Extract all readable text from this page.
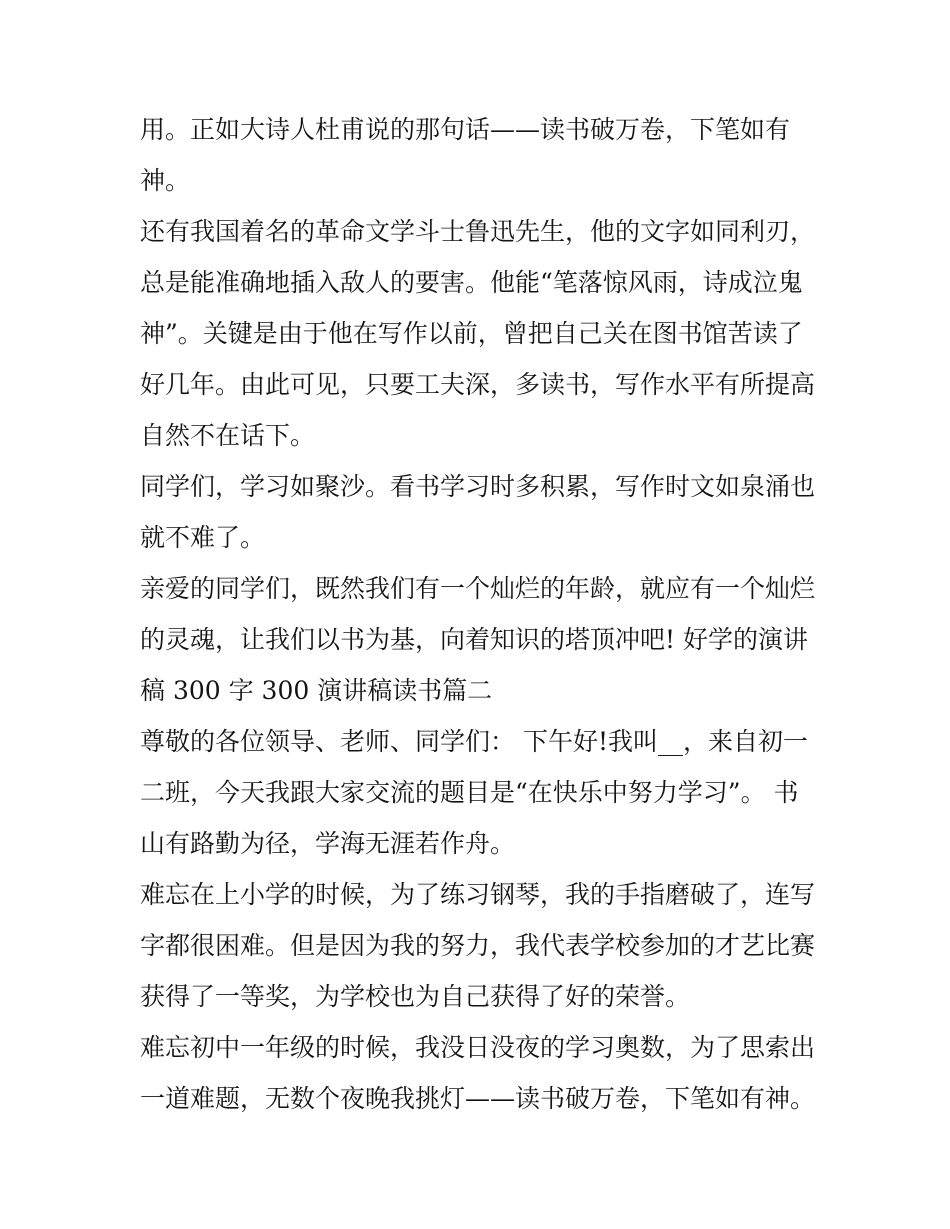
用。正如大诗人杜甫说的那句话——读书破万卷，下笔如有
神。
还有我国着名的革命文学斗士鲁迅先生，他的文字如同利刃，
总是能准确地插入敌人的要害。他能“笔落惊风雨，诗成泣鬼
神”。关键是由于他在写作以前，曾把自己关在图书馆苦读了
好几年。由此可见，只要工夫深，多读书，写作水平有所提高
自然不在话下。
同学们，学习如聚沙。看书学习时多积累，写作时文如泉涌也
就不难了。
亲爱的同学们，既然我们有一个灿烂的年龄，就应有一个灿烂
的灵魂，让我们以书为基，向着知识的塔顶冲吧! 好学的演讲
稿 300 字 300 演讲稿读书篇二
尊敬的各位领导、老师、同学们： 下午好!我叫__，来自初一
二班，今天我跟大家交流的题目是“在快乐中努力学习”。 书
山有路勤为径，学海无涯若作舟。
难忘在上小学的时候，为了练习钢琴，我的手指磨破了，连写
字都很困难。但是因为我的努力，我代表学校参加的才艺比赛
获得了一等奖，为学校也为自己获得了好的荣誉。
难忘初中一年级的时候，我没日没夜的学习奥数，为了思索出
一道难题，无数个夜晚我挑灯——读书破万卷，下笔如有神。
